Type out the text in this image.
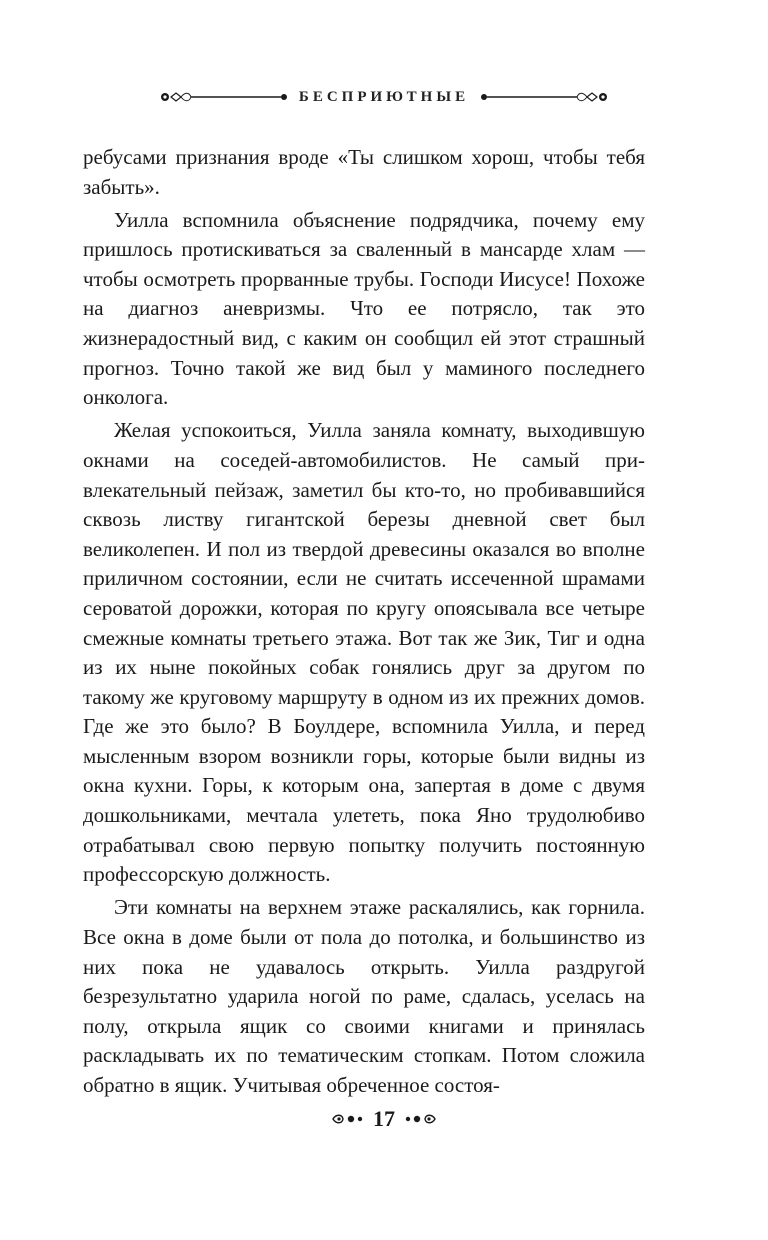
БЕСПРИЮТНЫЕ

ребусами признания вроде «Ты слишком хорош, чтобы тебя забыть».

Уилла вспомнила объяснение подрядчика, почему ему пришлось протискиваться за сваленный в мансарде хлам — чтобы осмотреть прорванные трубы. Господи Иисусе! Похоже на диагноз аневризмы. Что ее потрясло, так это жизнерадостный вид, с каким он сообщил ей этот страшный прогноз. Точно такой же вид был у маминого последнего онколога.

Желая успокоиться, Уилла заняла комнату, выходившую окнами на соседей-автомобилистов. Не самый привлекательный пейзаж, заметил бы кто-то, но пробивавшийся сквозь листву гигантской березы дневной свет был великолепен. И пол из твердой древесины оказался во вполне приличном состоянии, если не считать иссеченной шрамами сероватой дорожки, которая по кругу опоясывала все четыре смежные комнаты третьего этажа. Вот так же Зик, Тиг и одна из их ныне покойных собак гонялись друг за другом по такому же круговому маршруту в одном из их прежних домов. Где же это было? В Боулдере, вспомнила Уилла, и перед мысленным взором возникли горы, которые были видны из окна кухни. Горы, к которым она, запертая в доме с двумя дошкольниками, мечтала улететь, пока Яно трудолюбиво отрабатывал свою первую попытку получить постоянную профессорскую должность.

Эти комнаты на верхнем этаже раскалялись, как горнила. Все окна в доме были от пола до потолка, и большинство из них пока не удавалось открыть. Уилла раздругой безрезультатно ударила ногой по раме, сдалась, уселась на полу, открыла ящик со своими книгами и принялась раскладывать их по тематическим стопкам. Потом сложила обратно в ящик. Учитывая обреченное состоя-

17
